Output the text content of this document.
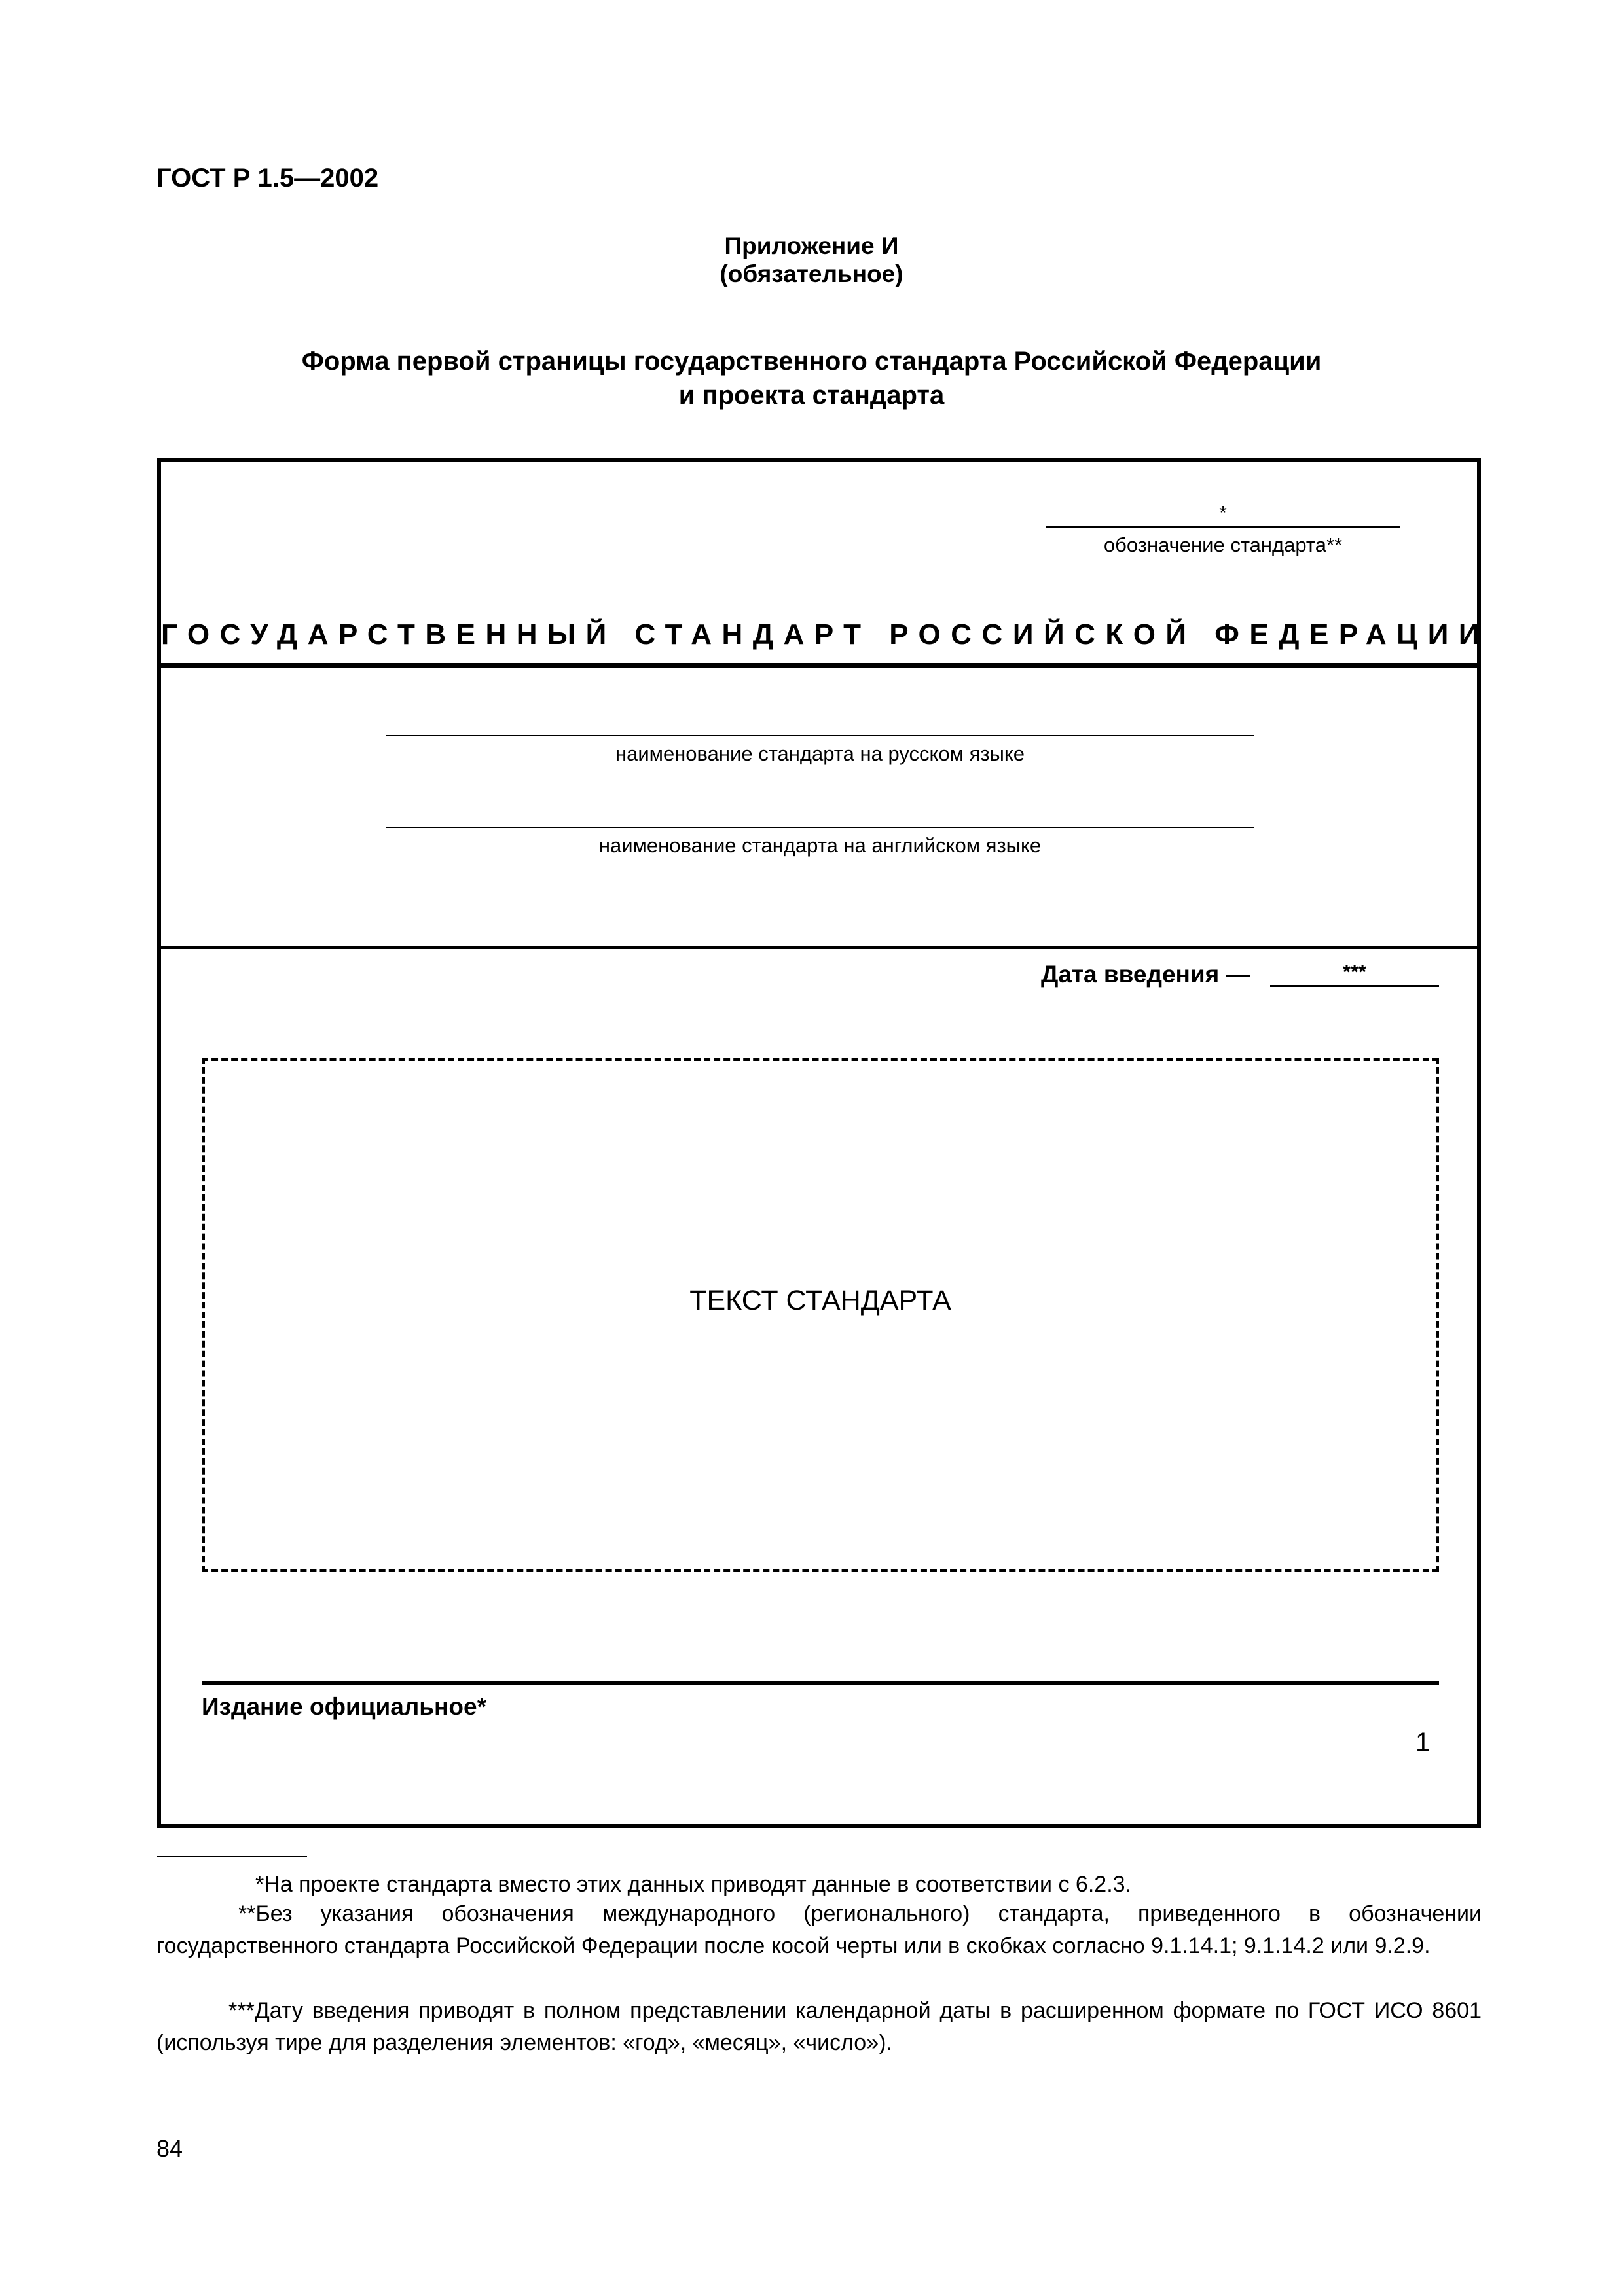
ГОСТ Р 1.5—2002
Приложение И
(обязательное)
Форма первой страницы государственного стандарта Российской Федерации
и проекта стандарта
*
обозначение стандарта**
ГОСУДАРСТВЕННЫЙ СТАНДАРТ РОССИЙСКОЙ ФЕДЕРАЦИИ
наименование стандарта на русском языке
наименование стандарта на английском языке
Дата введения —	***
ТЕКСТ СТАНДАРТА
Издание официальное*
1
*На проекте стандарта вместо этих данных приводят данные в соответствии с 6.2.3.
**Без указания обозначения международного (регионального) стандарта, приведенного в обозначении государственного стандарта Российской Федерации после косой черты или в скобках согласно 9.1.14.1; 9.1.14.2 или 9.2.9.
***Дату введения приводят в полном представлении календарной даты в расширенном формате по ГОСТ ИСО 8601 (используя тире для разделения элементов: «год», «месяц», «число»).
84
